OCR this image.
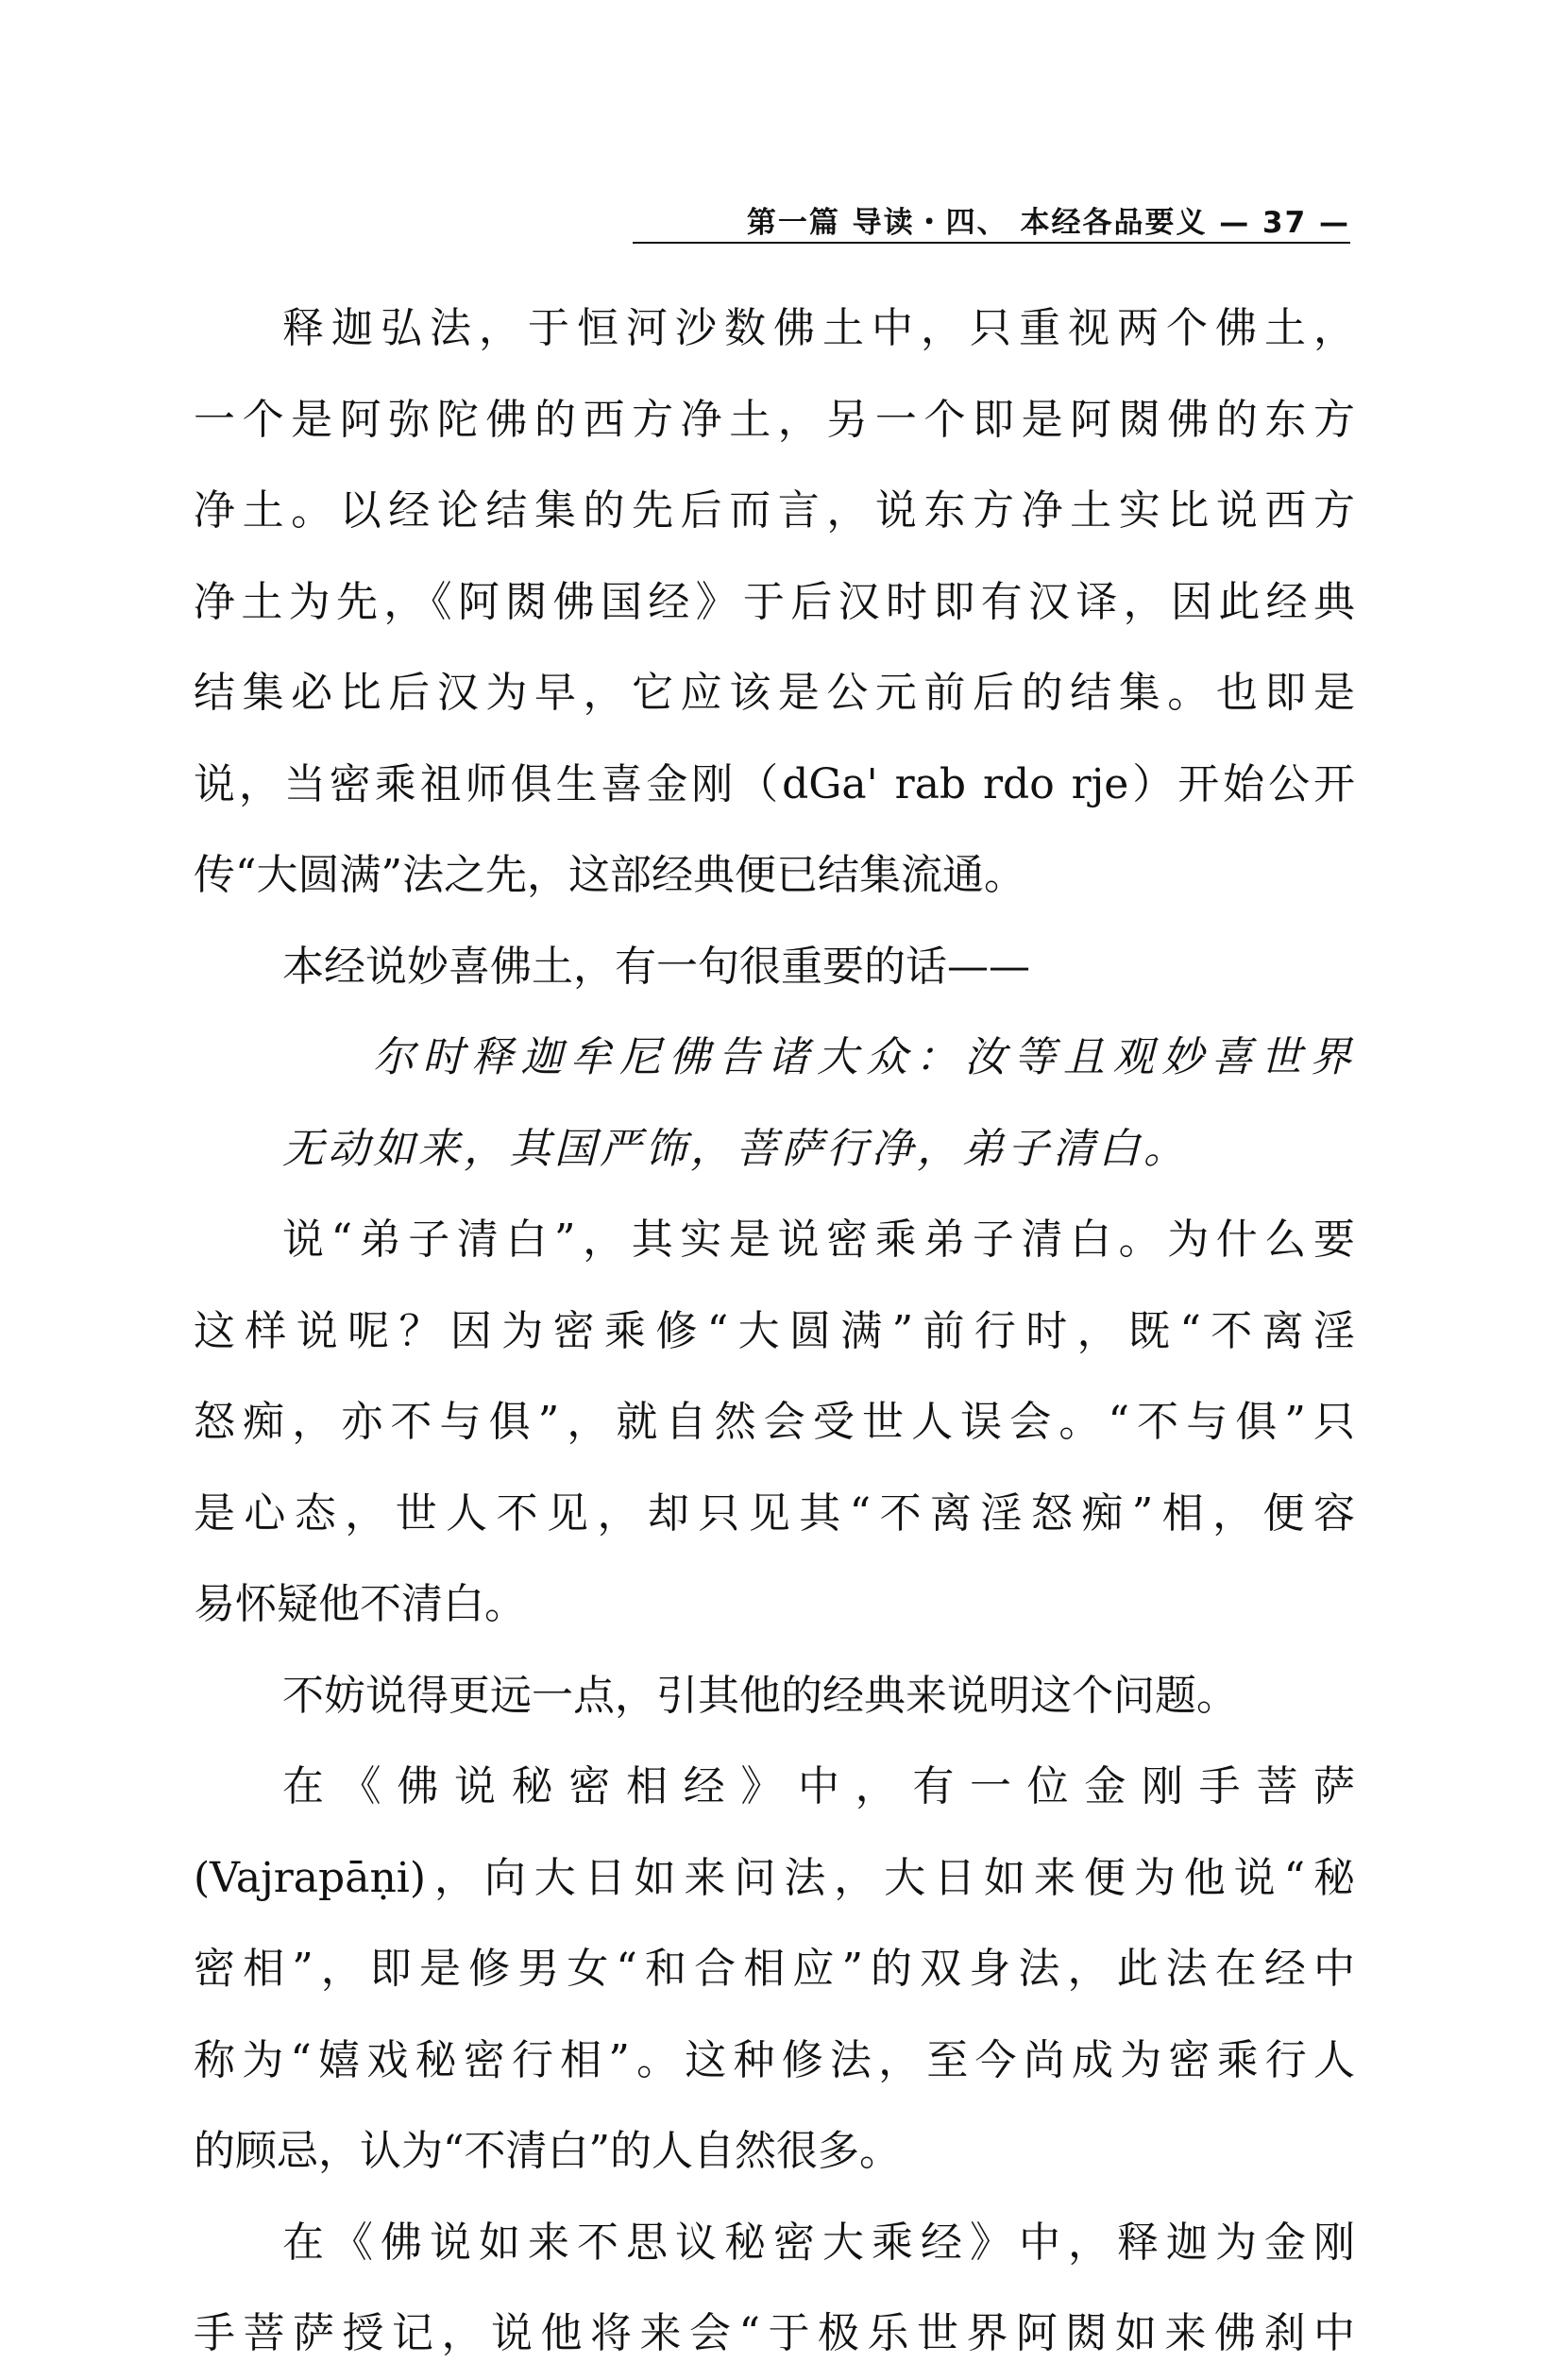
第一篇 导读・四、 本经各品要义 — 37 —
释迦弘法，于恒河沙数佛土中，只重视两个佛土，
一个是阿弥陀佛的西方净土，另一个即是阿閦佛的东方
净土。以经论结集的先后而言，说东方净土实比说西方
净土为先，《阿閦佛国经》于后汉时即有汉译，因此经典
结集必比后汉为早，它应该是公元前后的结集。也即是
说，当密乘祖师俱生喜金刚（dGa' rab rdo rje）开始公开
传“大圆满”法之先，这部经典便已结集流通。
本经说妙喜佛土，有一句很重要的话——
尔时释迦牟尼佛告诸大众：汝等且观妙喜世界
无动如来，其国严饰，菩萨行净，弟子清白。
说“弟子清白”，其实是说密乘弟子清白。为什么要
这样说呢？因为密乘修“大圆满”前行时，既“不离淫
怒痴，亦不与俱”，就自然会受世人误会。“不与俱”只
是心态，世人不见，却只见其“不离淫怒痴”相，便容
易怀疑他不清白。
不妨说得更远一点，引其他的经典来说明这个问题。
在《佛说秘密相经》中，有一位金刚手菩萨
(Vajrapāṇi)，向大日如来问法，大日如来便为他说“秘
密相”，即是修男女“和合相应”的双身法，此法在经中
称为“嬉戏秘密行相”。这种修法，至今尚成为密乘行人
的顾忌，认为“不清白”的人自然很多。
在《佛说如来不思议秘密大乘经》中，释迦为金刚
手菩萨授记，说他将来会“于极乐世界阿閦如来佛刹中
